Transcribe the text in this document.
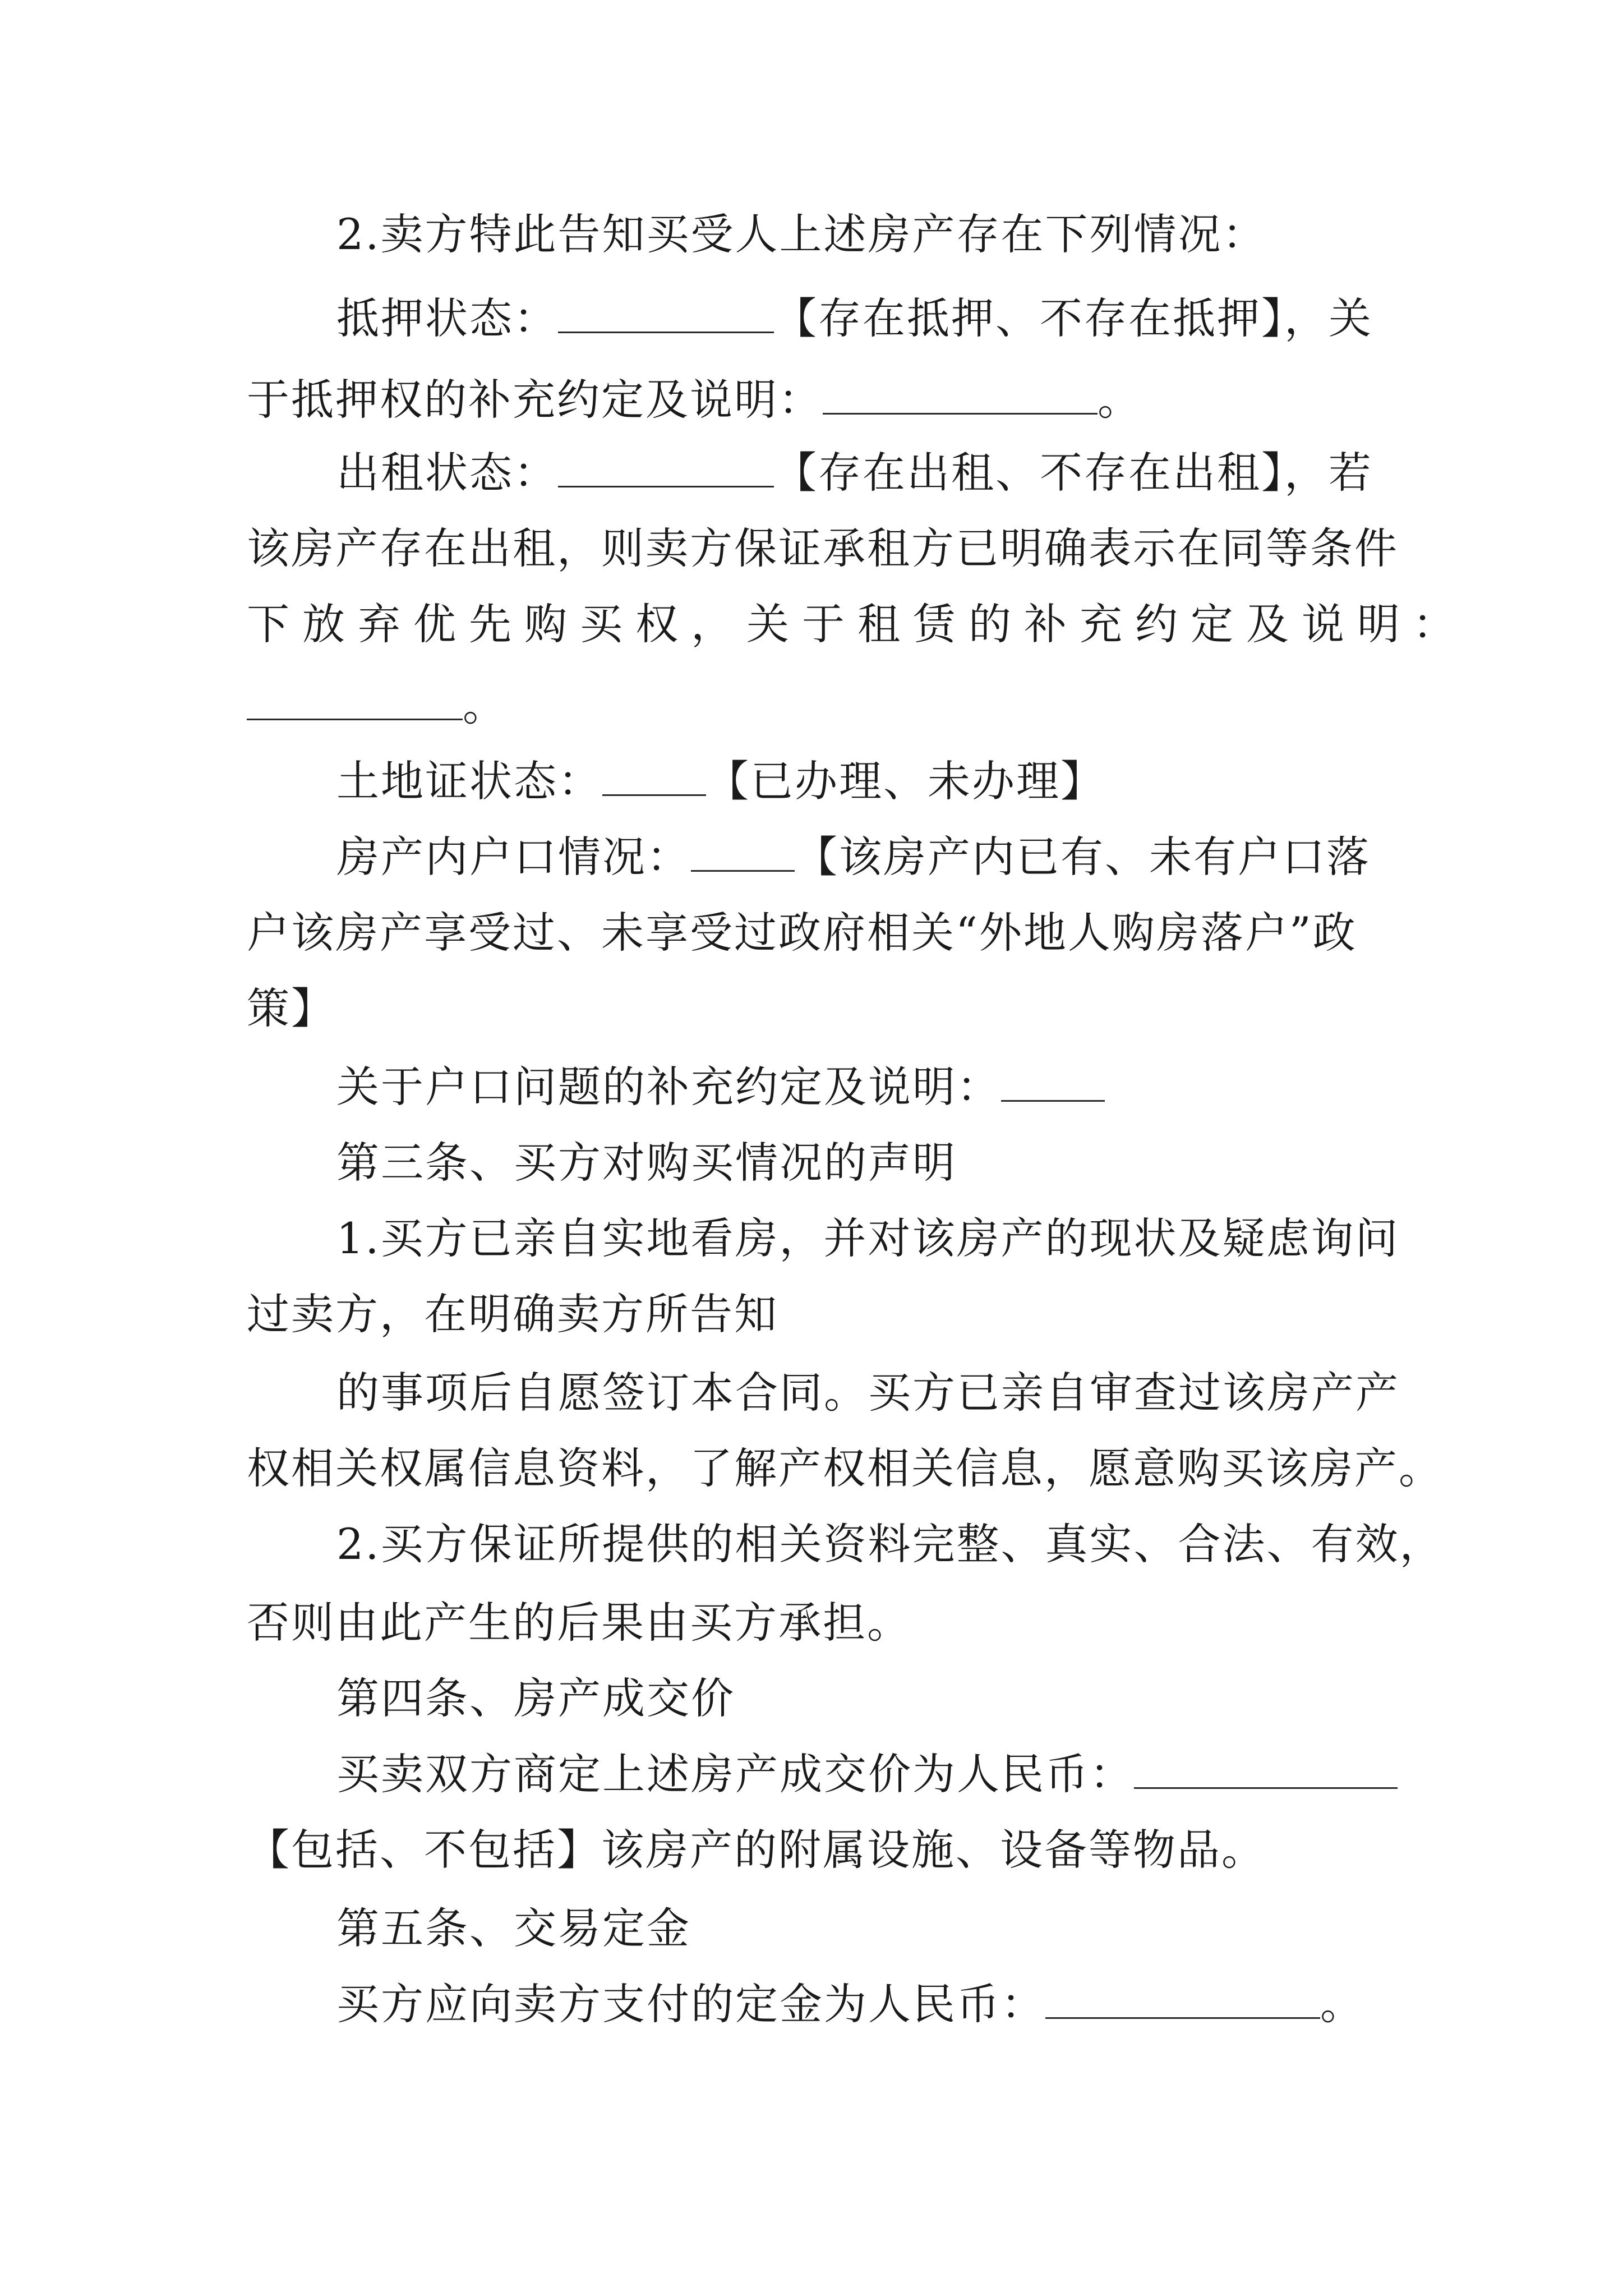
2.卖方特此告知买受人上述房产存在下列情况：
抵押状态：	【存在抵押、不存在抵押】，关
于抵押权的补充约定及说明：	。
出租状态：	【存在出租、不存在出租】，若
该房产存在出租，则卖方保证承租方已明确表示在同等条件
下放弃优先购买权，关于租赁的补充约定及说明：
。
土地证状态： 【已办理、未办理】
房产内户口情况： 【该房产内已有、未有户口落
户该房产享受过、未享受过政府相关“外地人购房落户”政
策】
关于户口问题的补充约定及说明：
第三条、买方对购买情况的声明
1.买方已亲自实地看房，并对该房产的现状及疑虑询问
过卖方，在明确卖方所告知
的事项后自愿签订本合同。买方已亲自审查过该房产产
权相关权属信息资料，了解产权相关信息，愿意购买该房产。
2.买方保证所提供的相关资料完整、真实、合法、有效，
否则由此产生的后果由买方承担。
第四条、房产成交价
买卖双方商定上述房产成交价为人民币：
【包括、不包括】该房产的附属设施、设备等物品。
第五条、交易定金
买方应向卖方支付的定金为人民币：	。
